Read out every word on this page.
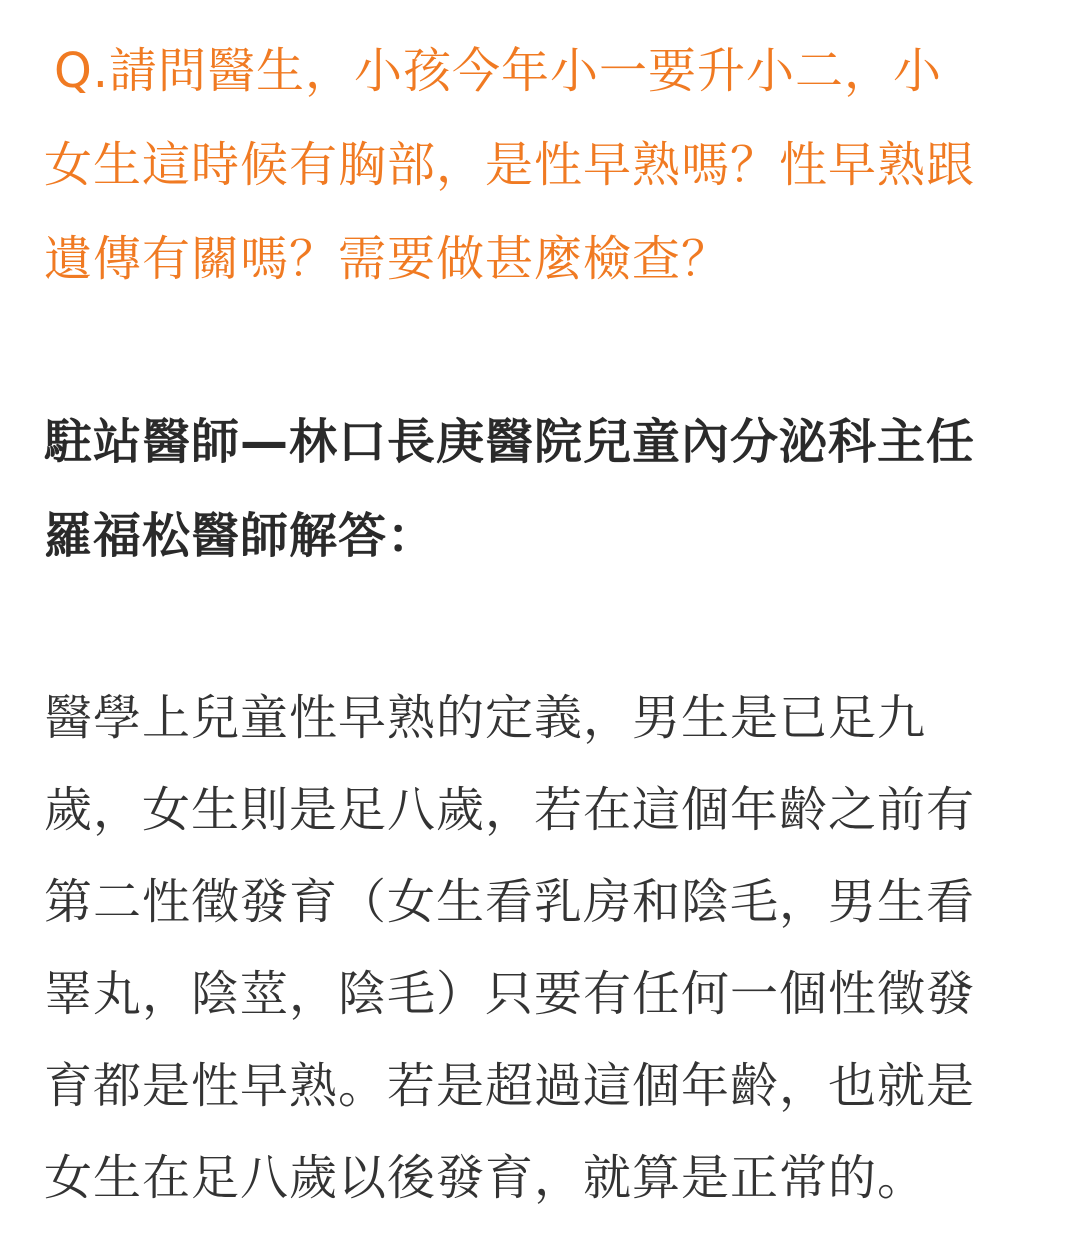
Q.請問醫生，小孩今年小一要升小二，小
女生這時候有胸部，是性早熟嗎？性早熟跟
遺傳有關嗎？需要做甚麼檢查？
駐站醫師—林口長庚醫院兒童內分泌科主任
羅福松醫師解答：
醫學上兒童性早熟的定義，男生是已足九
歲，女生則是足八歲，若在這個年齡之前有
第二性徵發育（女生看乳房和陰毛，男生看
睪丸，陰莖，陰毛）只要有任何一個性徵發
育都是性早熟。若是超過這個年齡，也就是
女生在足八歲以後發育，就算是正常的。
